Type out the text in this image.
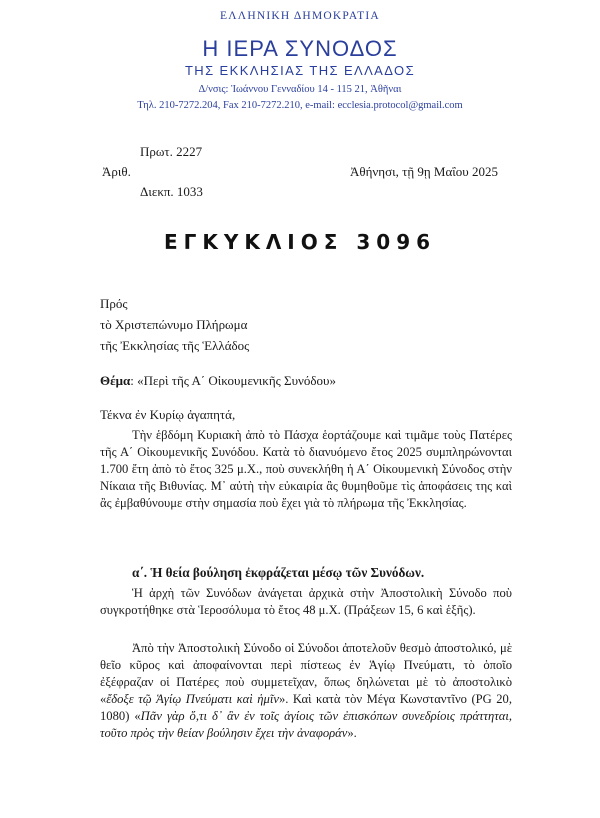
ΕΛΛΗΝΙΚΗ ΔΗΜΟΚΡΑΤΙΑ
Η ΙΕΡΑ ΣΥΝΟΔΟΣ
ΤΗΣ ΕΚΚΛΗΣΙΑΣ ΤΗΣ ΕΛΛΑΔΟΣ
Δ/νσις: Ἰωάννου Γενναδίου 14 - 115 21, Ἀθῆναι
Τηλ. 210-7272.204, Fax 210-7272.210, e-mail: ecclesia.protocol@gmail.com
Πρωτ. 2227
Ἀριθ.
Διεκπ. 1033
Ἀθήνησι, τῇ 9ῃ Μαΐου 2025
ΕΓΚΥΚΛΙΟΣ 3096
Πρός
τὸ Χριστεπώνυμο Πλήρωμα
τῆς Ἐκκλησίας τῆς Ἑλλάδος
Θέμα: «Περὶ τῆς Α΄ Οἰκουμενικῆς Συνόδου»
Τέκνα ἐν Κυρίῳ ἀγαπητά,
Τὴν ἑβδόμη Κυριακὴ ἀπὸ τὸ Πάσχα ἑορτάζουμε καὶ τιμᾶμε τοὺς Πατέρες τῆς Α΄ Οἰκουμενικῆς Συνόδου. Κατὰ τὸ διανυόμενο ἔτος 2025 συμπληρώνονται 1.700 ἔτη ἀπὸ τὸ ἔτος 325 μ.Χ., ποὺ συνεκλήθη ἡ Α΄ Οἰκουμενικὴ Σύνοδος στὴν Νίκαια τῆς Βιθυνίας. Μ᾽ αὐτὴ τὴν εὐκαιρία ἂς θυμηθοῦμε τὶς ἀποφάσεις της καὶ ἂς ἐμβαθύνουμε στὴν σημασία ποὺ ἔχει γιὰ τὸ πλήρωμα τῆς Ἐκκλησίας.
α΄. Ἡ θεία βούληση ἐκφράζεται μέσῳ τῶν Συνόδων.
Ἡ ἀρχὴ τῶν Συνόδων ἀνάγεται ἀρχικὰ στὴν Ἀποστολικὴ Σύνοδο ποὺ συγκροτήθηκε στὰ Ἱεροσόλυμα τὸ ἔτος 48 μ.Χ. (Πράξεων 15, 6 καὶ ἑξῆς).
Ἀπὸ τὴν Ἀποστολικὴ Σύνοδο οἱ Σύνοδοι ἀποτελοῦν θεσμὸ ἀποστολικό, μὲ θεῖο κῦρος καὶ ἀποφαίνονται περὶ πίστεως ἐν Ἁγίῳ Πνεύματι, τὸ ὁποῖο ἐξέφραζαν οἱ Πατέρες ποὺ συμμετεῖχαν, ὅπως δηλώνεται μὲ τὸ ἀποστολικὸ «ἔδοξε τῷ Ἁγίῳ Πνεύματι καὶ ἡμῖν». Καὶ κατὰ τὸν Μέγα Κωνσταντῖνο (PG 20, 1080) «Πᾶν γὰρ ὅ,τι δ᾽ ἂν ἐν τοῖς ἁγίοις τῶν ἐπισκόπων συνεδρίοις πράττηται, τοῦτο πρὸς τὴν θείαν βούλησιν ἔχει τὴν ἀναφοράν».
